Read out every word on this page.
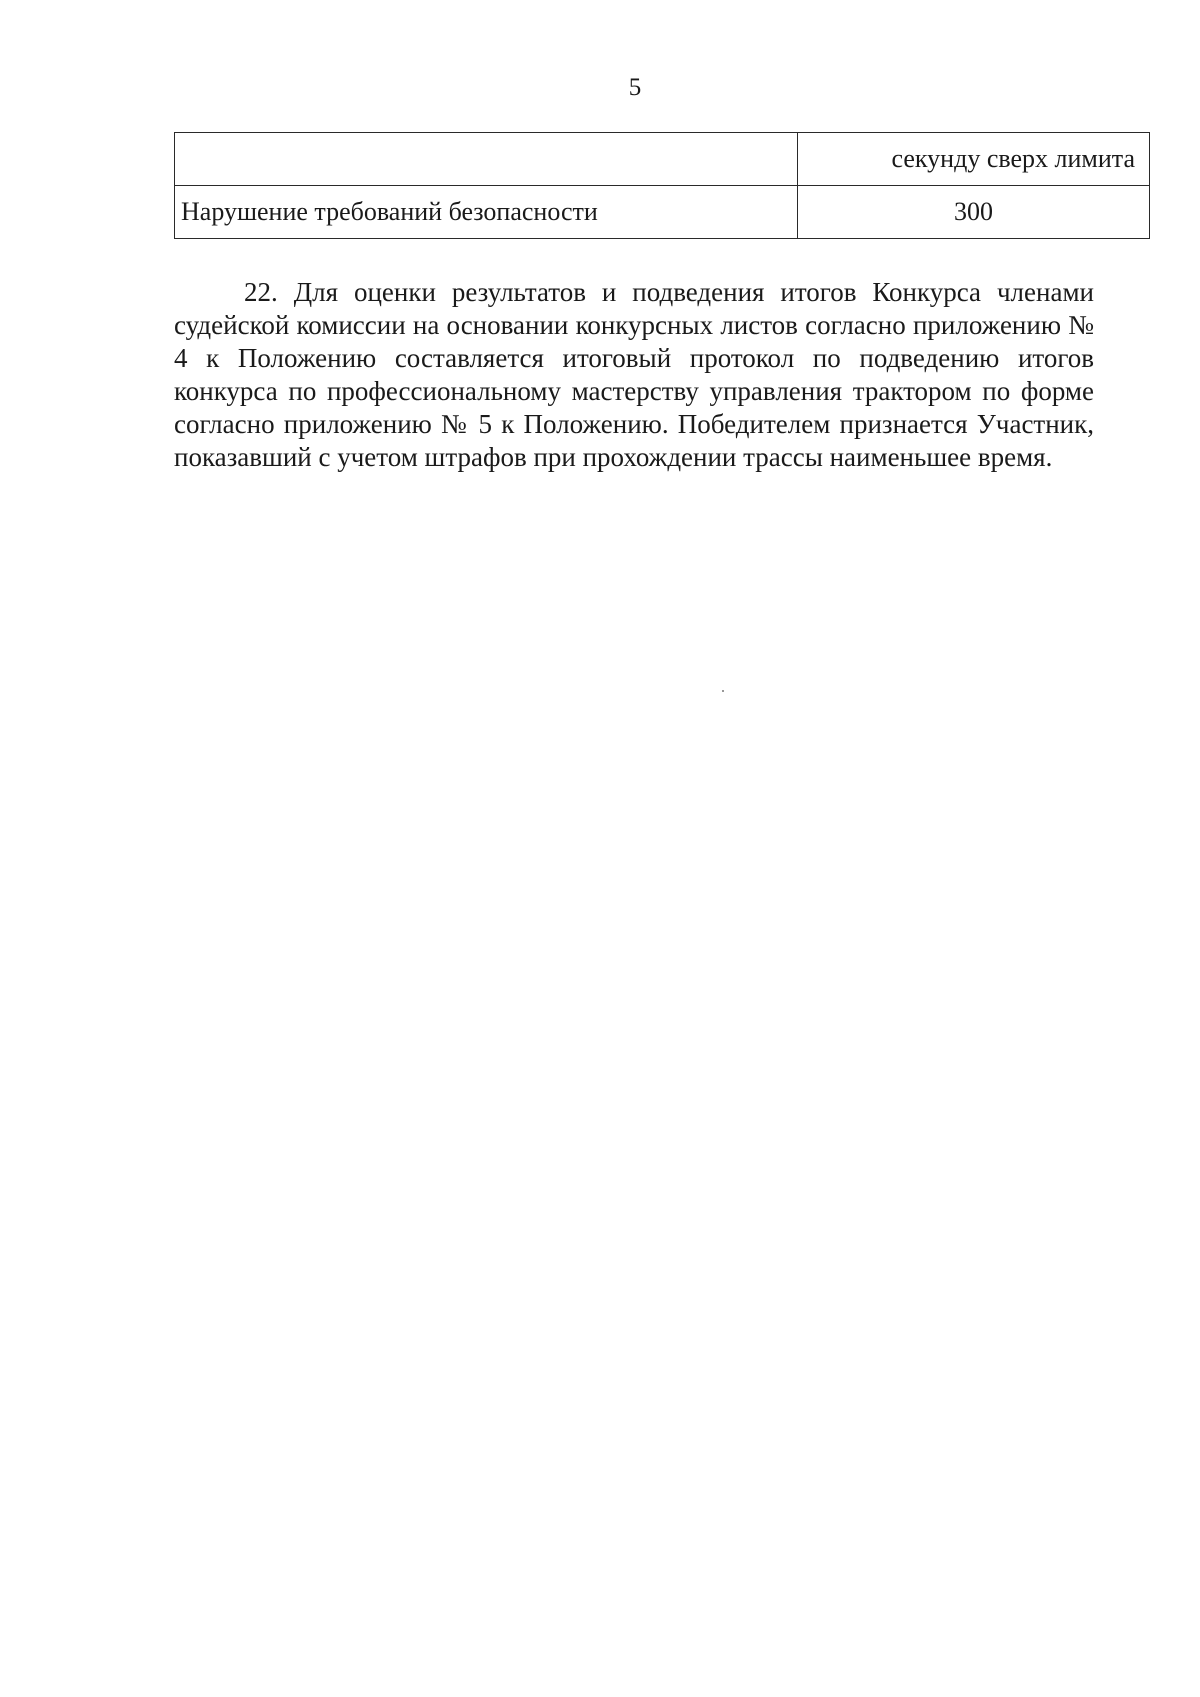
5
	секунду сверх лимита
Нарушение требований безопасности	300

22. Для оценки результатов и подведения итогов Конкурса членами судейской комиссии на основании конкурсных листов согласно приложению № 4 к Положению составляется итоговый протокол по подведению итогов конкурса по профессиональному мастерству управления трактором по форме согласно приложению № 5 к Положению. Победителем признается Участник, показавший с учетом штрафов при прохождении трассы наименьшее время.
